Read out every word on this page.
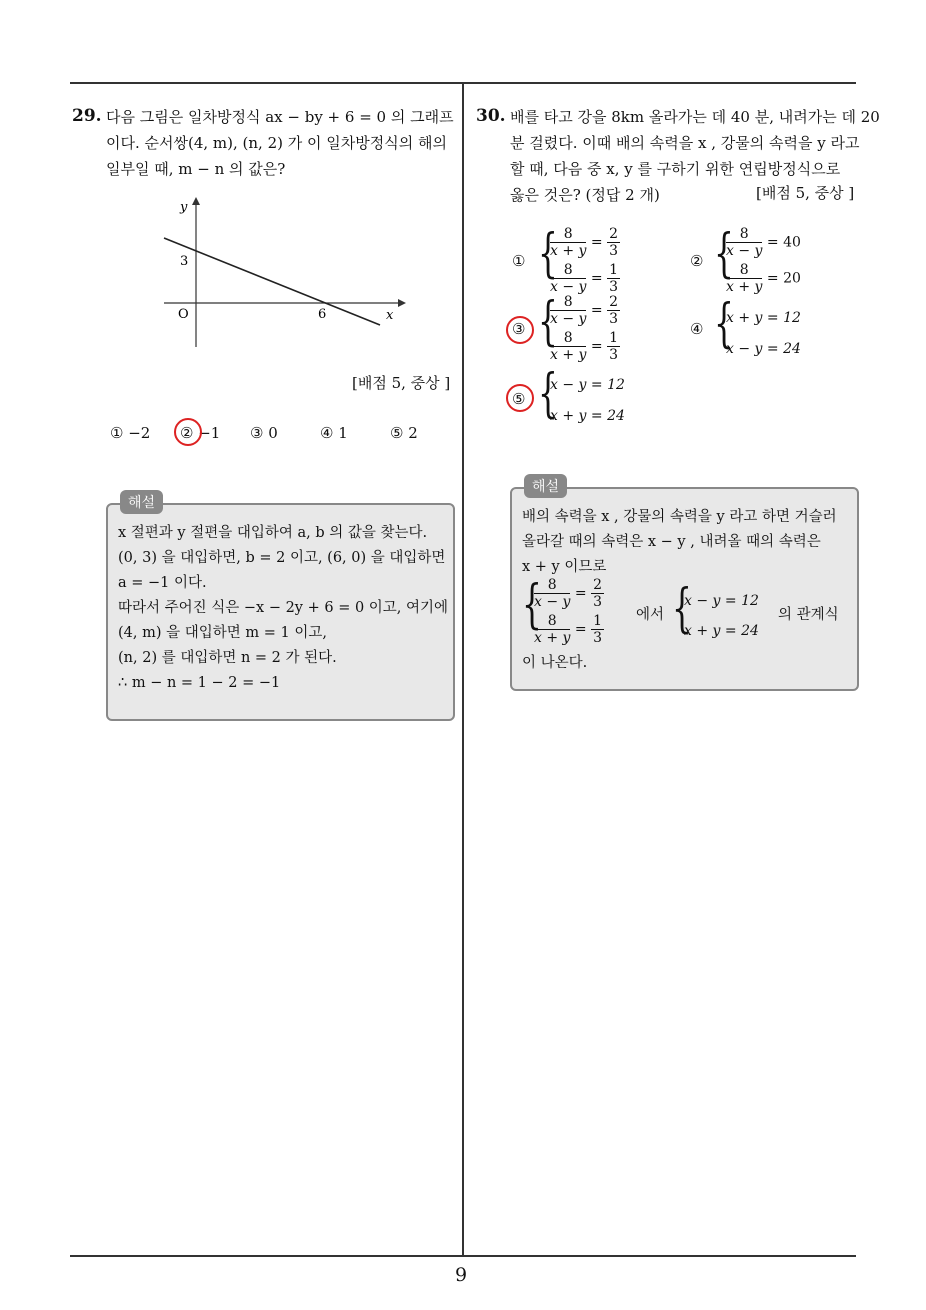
9
29. 다음 그림은 일차방정식 ax − by + 6 = 0 의 그래프
이다. 순서쌍(4, m), (n, 2) 가 이 일차방정식의 해의
일부일 때, m − n 의 값은?
y
x
O
3
6
[배점 5, 중상 ]
① −2 ② −1 ③ 0	④ 1	⑤ 2
x 절편과 y 절편을 대입하여 a, b 의 값을 찾는다.
(0, 3) 을 대입하면, b = 2 이고, (6, 0) 을 대입하면
a = −1 이다.
따라서 주어진 식은 −x − 2y + 6 = 0 이고, 여기에
(4, m) 을 대입하면 m = 1 이고,
(n, 2) 를 대입하면 n = 2 가 된다.
∴ m − n = 1 − 2 = −1
해설
30. 배를 타고 강을 8km 올라가는 데 40 분, 내려가는 데 20
분 걸렸다. 이때 배의 속력을 x , 강물의 속력을 y 라고
할 때, 다음 중 x, y 를 구하기 위한 연립방정식으로
옳은 것은? (정답 2 개)	[배점 5, 중상 ]
① {
$\frac{8}{x + y} = \frac{2}{3}$
$\frac{8}{x - y} = \frac{1}{3}$
② {
$\frac{8}{x - y} = 40$
$\frac{8}{x + y} = 20$
③ {
$\frac{8}{x - y} = \frac{2}{3}$
$\frac{8}{x + y} = \frac{1}{3}$
④ {
x + y = 12
x − y = 24
⑤ {
x − y = 12
x + y = 24
배의 속력을 x , 강물의 속력을 y 라고 하면 거슬러
올라갈 때의 속력은 x − y , 내려올 때의 속력은
x + y 이므로
{
$\frac{8}{x - y} = \frac{2}{3}$
$\frac{8}{x + y} = \frac{1}{3}$ 에서 {
x − y = 12
x + y = 24
의 관계식
이 나온다.
해설
